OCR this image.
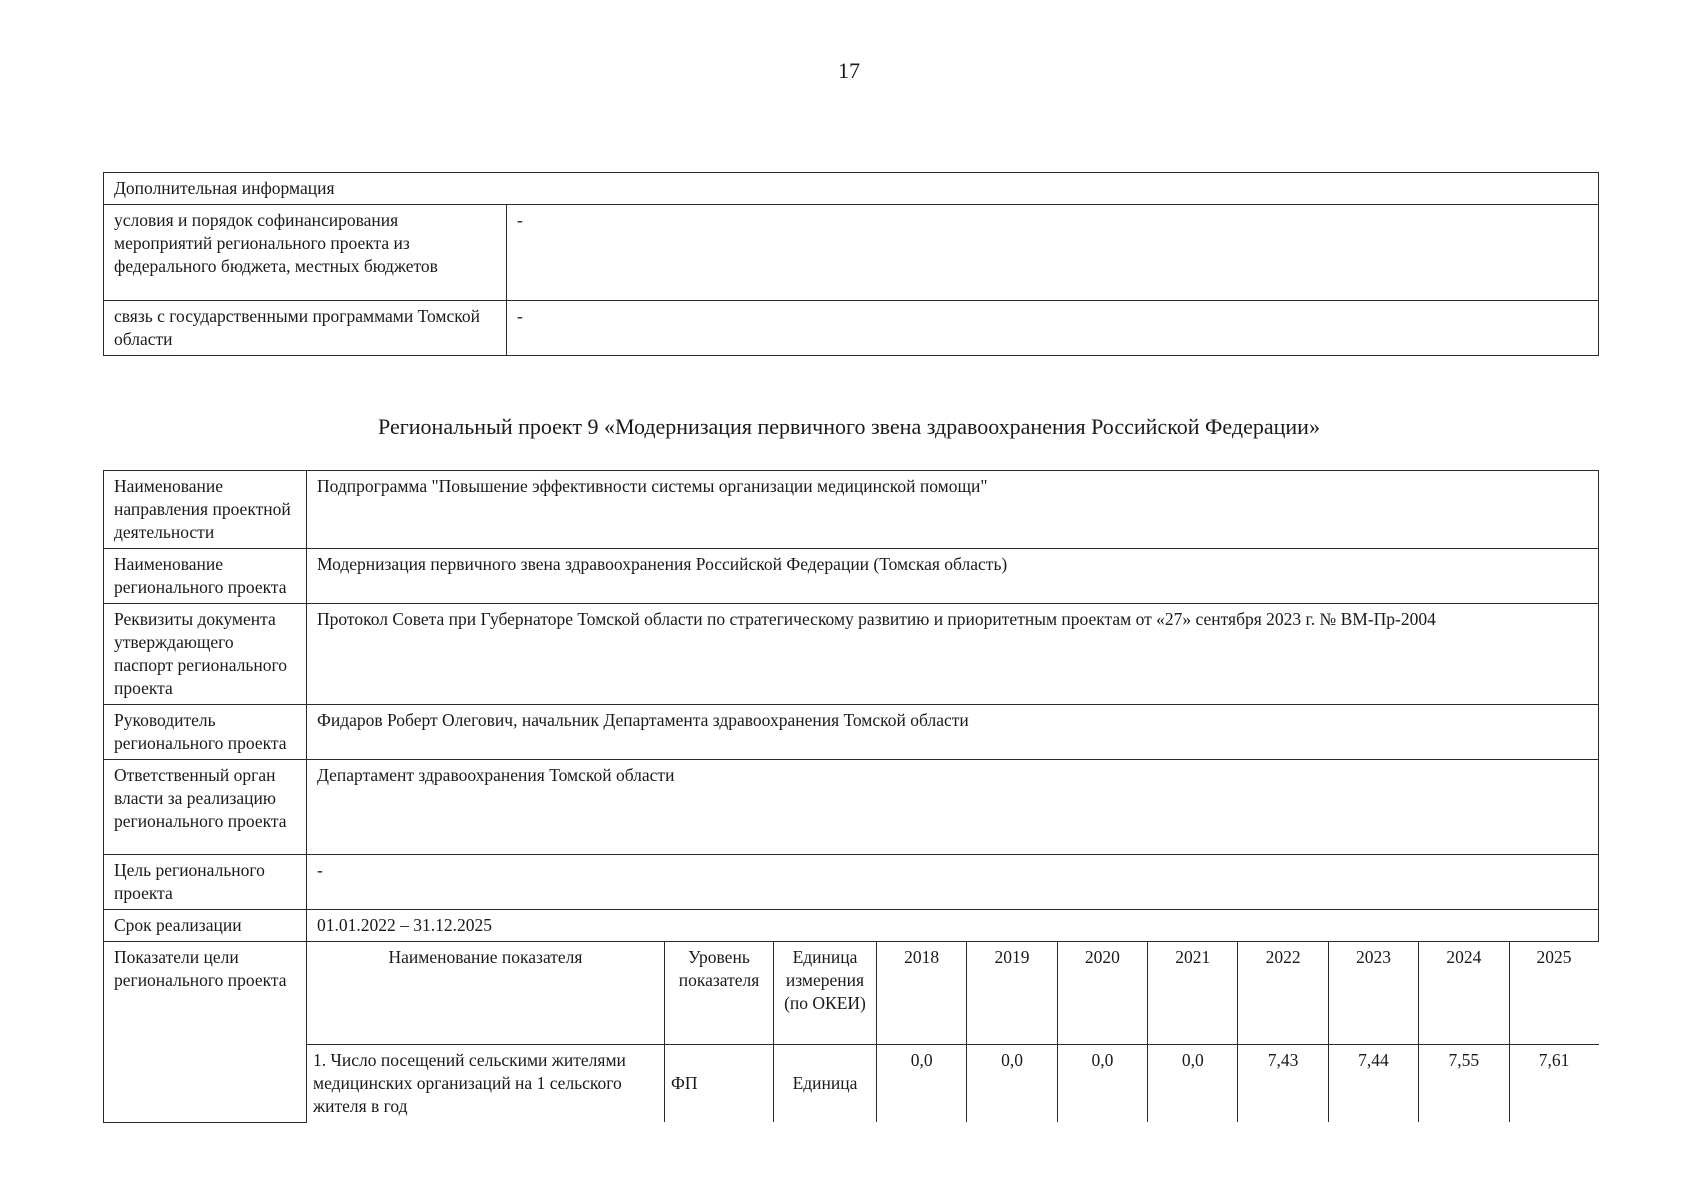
17
Дополнительная информация	
условия и порядок софинансирования мероприятий регионального проекта из федерального бюджета, местных бюджетов	-
связь с государственными программами Томской области	-
Региональный проект 9 «Модернизация первичного звена здравоохранения Российской Федерации»
Наименование направления проектной деятельности	Подпрограмма "Повышение эффективности системы организации медицинской помощи"
Наименование регионального проекта	Модернизация первичного звена здравоохранения Российской Федерации (Томская область)
Реквизиты документа утверждающего паспорт регионального проекта	Протокол Совета при Губернаторе Томской области по стратегическому развитию и приоритетным проектам от «27» сентября 2023 г. № ВМ-Пр-2004
Руководитель регионального проекта	Фидаров Роберт Олегович, начальник Департамента здравоохранения Томской области
Ответственный орган власти за реализацию регионального проекта	Департамент здравоохранения Томской области
Цель регионального проекта	-
Срок реализации	01.01.2022 – 31.12.2025
Показатели цели регионального проекта	
Наименование показателя	Уровень показателя	Единица измерения (по ОКЕИ)	2018	2019	2020	2021	2022	2023	2024	2025
1. Число посещений сельскими жителями медицинских организаций на 1 сельского жителя в год	ФП	Единица	0,0	0,0	0,0	0,0	7,43	7,44	7,55	7,61
